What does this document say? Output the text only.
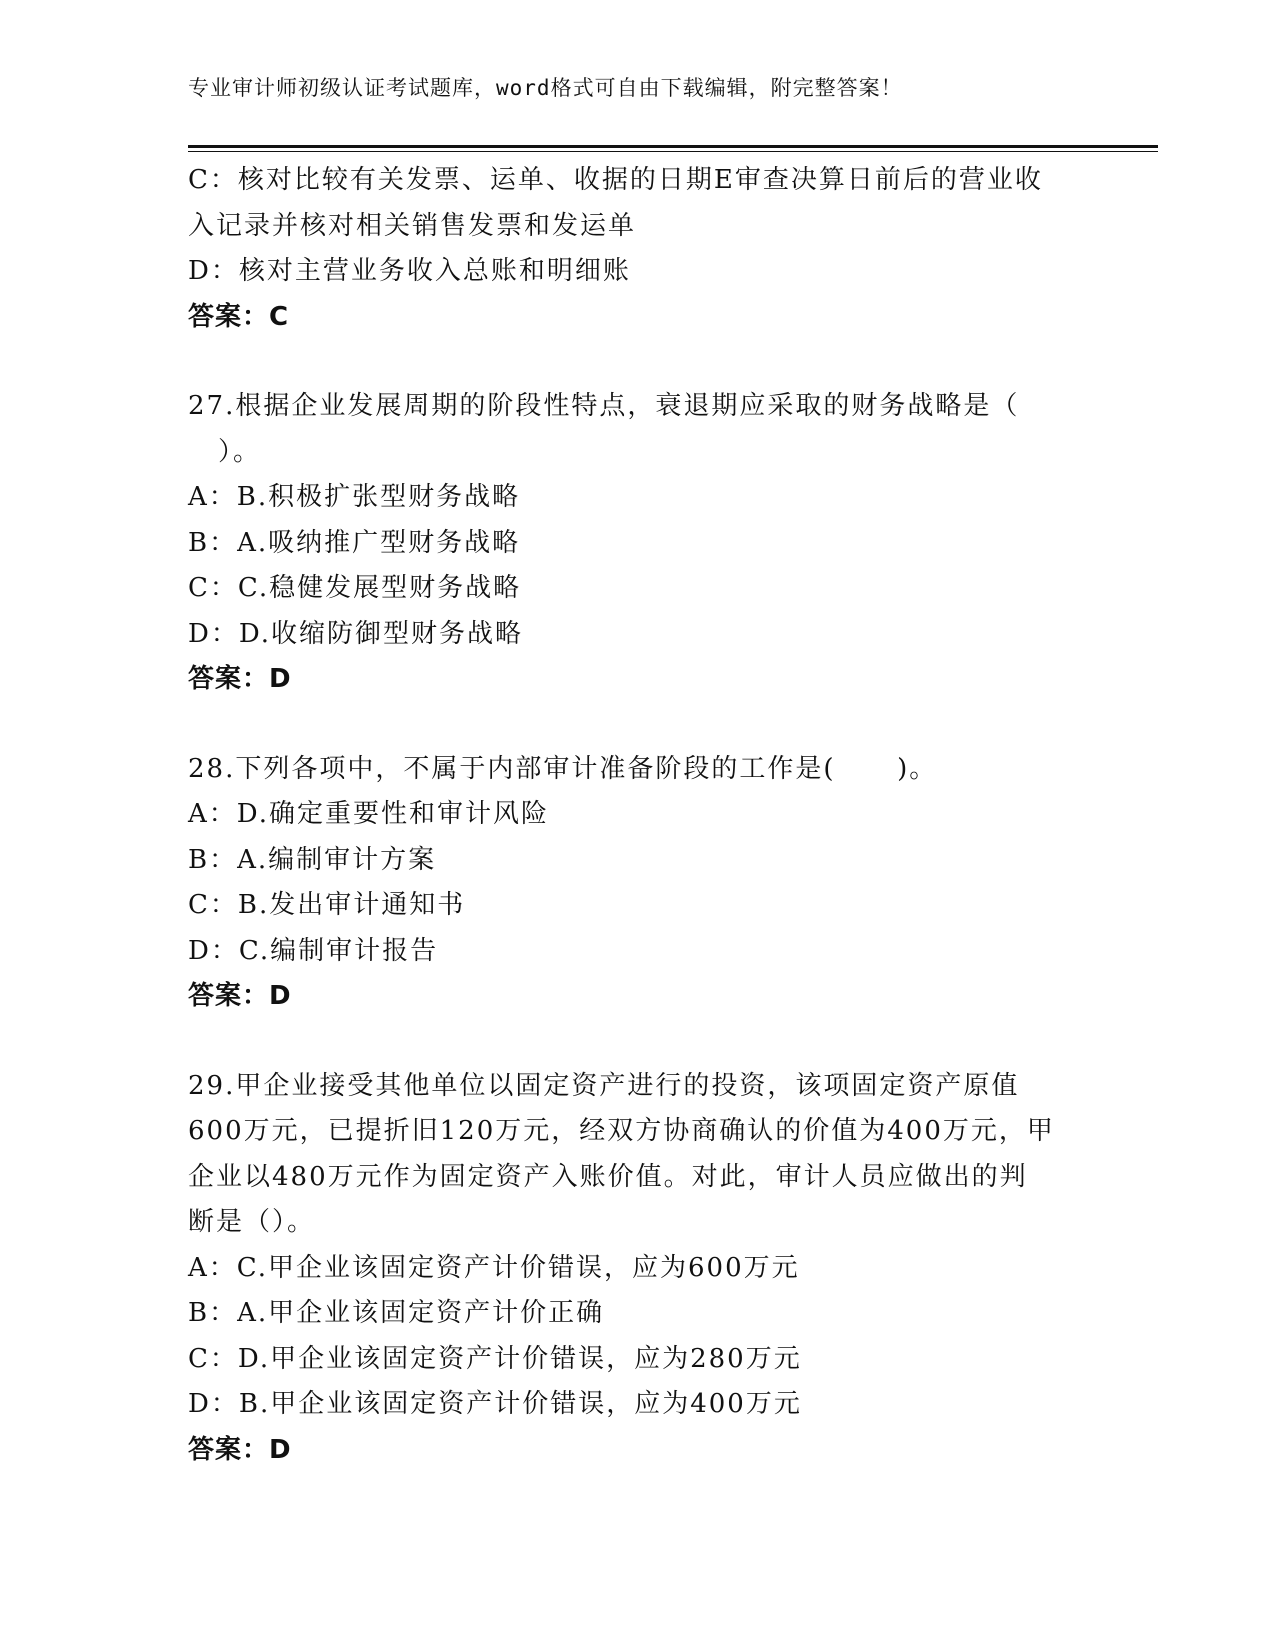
专业审计师初级认证考试题库，word格式可自由下载编辑，附完整答案！

C：核对比较有关发票、运单、收据的日期E审查决算日前后的营业收

入记录并核对相关销售发票和发运单

D：核对主营业务收入总账和明细账

答案：C

27.根据企业发展周期的阶段性特点，衰退期应采取的财务战略是（

）。

A：B.积极扩张型财务战略

B：A.吸纳推广型财务战略

C：C.稳健发展型财务战略

D：D.收缩防御型财务战略

答案：D

28.下列各项中，不属于内部审计准备阶段的工作是(      )。

A：D.确定重要性和审计风险

B：A.编制审计方案

C：B.发出审计通知书

D：C.编制审计报告

答案：D

29.甲企业接受其他单位以固定资产进行的投资，该项固定资产原值

600万元，已提折旧120万元，经双方协商确认的价值为400万元，甲

企业以480万元作为固定资产入账价值。对此，审计人员应做出的判

断是（）。

A：C.甲企业该固定资产计价错误，应为600万元

B：A.甲企业该固定资产计价正确

C：D.甲企业该固定资产计价错误，应为280万元

D：B.甲企业该固定资产计价错误，应为400万元

答案：D
